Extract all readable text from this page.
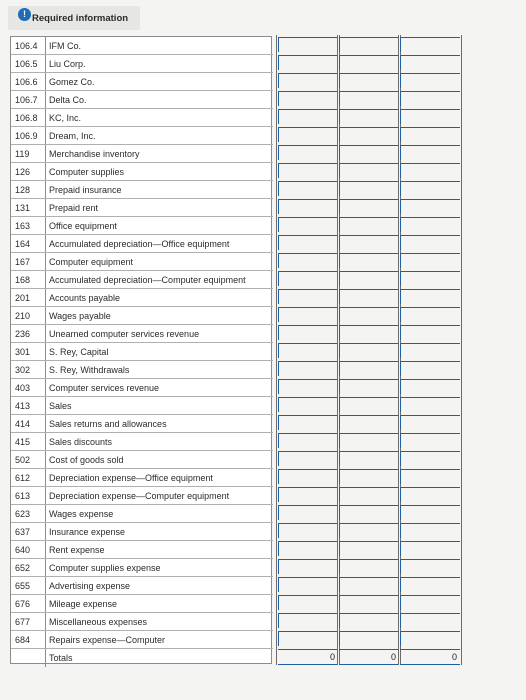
! Required information
106.4 IFM Co.
106.5 Liu Corp.
106.6 Gomez Co.
106.7 Delta Co.
106.8 KC, Inc.
106.9 Dream, Inc.
119 Merchandise inventory
126 Computer supplies
128 Prepaid insurance
131 Prepaid rent
163 Office equipment
164 Accumulated depreciation—Office equipment
167 Computer equipment
168 Accumulated depreciation—Computer equipment
201 Accounts payable
210 Wages payable
236 Unearned computer services revenue
301 S. Rey, Capital
302 S. Rey, Withdrawals
403 Computer services revenue
413 Sales
414 Sales returns and allowances
415 Sales discounts
502 Cost of goods sold
612 Depreciation expense—Office equipment
613 Depreciation expense—Computer equipment
623 Wages expense
637 Insurance expense
640 Rent expense
652 Computer supplies expense
655 Advertising expense
676 Mileage expense
677 Miscellaneous expenses
684 Repairs expense—Computer
Totals	0	0	0
